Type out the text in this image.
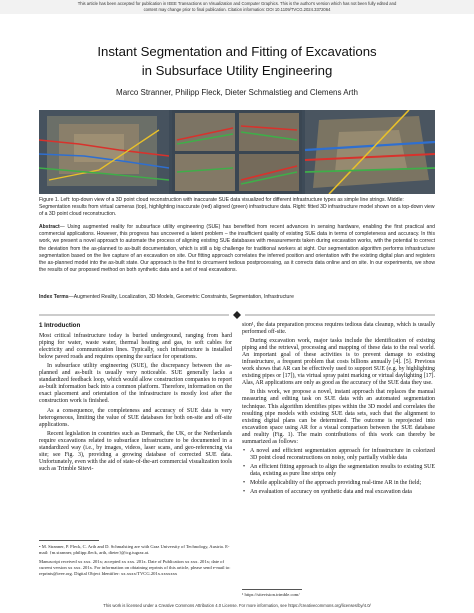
This article has been accepted for publication in IEEE Transactions on Visualization and Computer Graphics. This is the author's version which has not been fully edited and
content may change prior to final publication. Citation information: DOI 10.1109/TVCG.2024.3372064
Instant Segmentation and Fitting of Excavations
in Subsurface Utility Engineering
Marco Stranner, Philipp Fleck, Dieter Schmalstieg and Clemens Arth
Figure 1. Left: top-down view of a 3D point cloud reconstruction with inaccurate SUE data visualized for different infrastructure types as simple line strings. Middle: Segmentation results from virtual cameras (top), highlighting inaccurate (red) aligned (green) infrastructure data. Right: fitted 3D infrastructure model shown on a top-down view of a 3D point cloud reconstruction.
Abstract— Using augmented reality for subsurface utility engineering (SUE) has benefited from recent advances in sensing hardware, enabling the first practical and commercial applications. However, this progress has uncovered a latent problem – the insufficient quality of existing SUE data in terms of completeness and accuracy. In this work, we present a novel approach to automate the process of aligning existing SUE databases with measurements taken during excavation works, with the potential to correct the deviation from the as-planned to as-built documentation, which is still a big challenge for traditional workers at sight. Our segmentation algorithm performs infrastructure segmentation based on the live capture of an excavation on site. Our fitting approach correlates the inferred position and orientation with the existing digital plan and registers the as-planned model into the as-built state. Our approach is the first to circumvent tedious postprocessing, as it corrects data online and on site. In our experiments, we show the results of our proposed method on both synthetic data and a set of real excavations.
Index Terms—Augmented Reality, Localization, 3D Models, Geometric Constraints, Segmentation, Infrastructure
1 Introduction

Most critical infrastructure today is buried underground, ranging from hard piping for water, waste water, thermal heating and gas, to soft cables for electricity and communication lines. Typically, such infrastructure is installed below paved roads and requires opening the surface for operations.

In subsurface utility engineering (SUE), the discrepancy between the as-planned and as-built is usually very noticeable. SUE generally lacks a standardized feedback loop, which would allow construction companies to report as-built information back into a common platform. Therefore, information on the exact placement and orientation of the infrastructure is mostly lost after the construction work is finished.

As a consequence, the completeness and accuracy of SUE data is very heterogeneous, limiting the value of SUE databases for both on-site and off-site applications.

Recent legislation in countries such as Denmark, the UK, or the Netherlands require excavations related to subsurface infrastructure to be documented in a standardized way (i.e., by images, videos, laser scans, and geo-referencing via site; see Fig. 3), providing a growing database of corrected SUE data. Unfortunately, even with the aid of state-of-the-art commercial visualization tools such as Trimble Sitevi-

• M. Stranner, P. Fleck, C. Arth and D. Schmalstieg are with Graz University of Technology, Austria. E-mail: {m.stranner, philipp.fleck, arth, dieter}@icg.tugraz.at.

Manuscript received xx xxx. 201x; accepted xx xxx. 201x. Date of Publication xx xxx. 201x; date of current version xx xxx. 201x. For information on obtaining reprints of this article, please send e-mail to: reprints@ieee.org. Digital Object Identifier: xx.xxxx/TVCG.201x.xxxxxxx

sion¹, the data preparation process requires tedious data cleanup, which is usually performed off-site.

During excavation work, major tasks include the identification of existing piping and the retrieval, processing and mapping of these data to the real world. An important goal of these activities is to prevent damage to existing infrastructure, a frequent problem that costs billions annually [4]. [5]. Previous work shows that AR can be effectively used to support SUE (e.g. by highlighting existing pipes or [17]), via virtual spray paint marking or virtual daylighting [17]. Alas, AR applications are only as good as the accuracy of the SUE data they use.

In this work, we propose a novel, instant approach that replaces the manual measuring and editing task on SUE data with an automated segmentation technique. This algorithm identifies pipes within the 3D model and correlates the resulting pipe models with existing SUE data sets, such that the alignment to existing digital plans can be determined. The outcome is reprojected into excavation space using AR for a visual comparison between the SUE database and reality (Fig. 1). The main contributions of this work can thereby be summarized as follows:

• A novel and efficient segmentation approach for infrastructure in colorized 3D point cloud reconstructions on noisy, only partially visible data
• An efficient fitting approach to align the segmentation results to existing SUE data, existing as pure line strips only
• Mobile applicability of the approach providing real-time AR in the field;
• An evaluation of accuracy on synthetic data and real excavation data
¹ https://sitevision.trimble.com/
This work is licensed under a Creative Commons Attribution 4.0 License. For more information, see https://creativecommons.org/licenses/by/4.0/
